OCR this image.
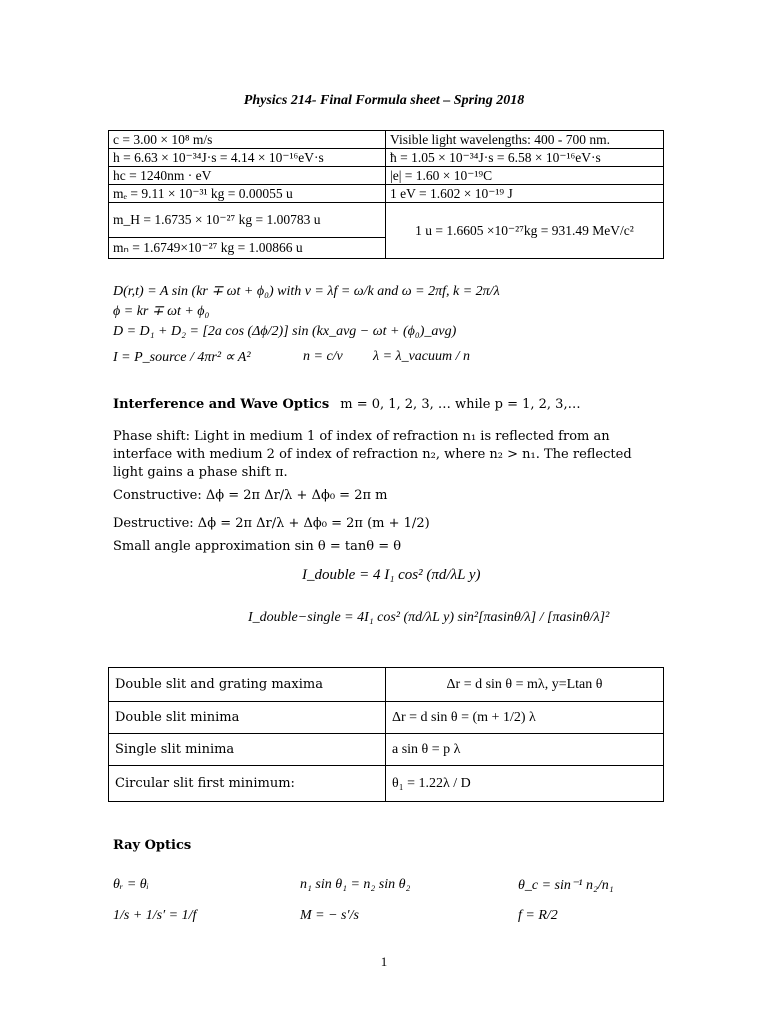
Physics 214- Final Formula sheet – Spring 2018
c = 3.00 × 10⁸ m/s	Visible light wavelengths: 400 - 700 nm.
h = 6.63 × 10⁻³⁴J·s = 4.14 × 10⁻¹⁶eV·s	ħ = 1.05 × 10⁻³⁴J·s = 6.58 × 10⁻¹⁶eV·s
hc = 1240nm · eV	|e| = 1.60 × 10⁻¹⁹C
mₑ = 9.11 × 10⁻³¹ kg = 0.00055 u	1 eV = 1.602 × 10⁻¹⁹ J
m_H = 1.6735 × 10⁻²⁷ kg = 1.00783 u	1 u = 1.6605 ×10⁻²⁷kg = 931.49 MeV/c²
mₙ = 1.6749×10⁻²⁷ kg = 1.00866 u	
D(r,t) = A sin (kr ∓ ωt + ϕ₀) with v = λf = ω/k and ω = 2πf, k = 2π/λ
ϕ = kr ∓ ωt + ϕ₀
D = D₁ + D₂ = [2a cos (Δϕ/2)] sin (kx_avg − ωt + (ϕ₀)_avg)
I = P_source / 4πr² ∝ A²	n = c/v λ = λ_vacuum / n
Interference and Wave Optics m = 0, 1, 2, 3, … while p = 1, 2, 3,…
Phase shift: Light in medium 1 of index of refraction n₁ is reflected from an interface with medium 2 of index of refraction n₂, where n₂ > n₁. The reflected light gains a phase shift π.
Constructive: Δϕ = 2π Δr/λ + Δϕ₀ = 2π m
Destructive: Δϕ = 2π Δr/λ + Δϕ₀ = 2π (m + 1/2)
Small angle approximation sin θ = tanθ = θ
I_double = 4 I₁ cos² (πd/λL y)
I_double−single = 4I₁ cos² (πd/λL y) sin²[πasinθ/λ] / [πasinθ/λ]²
Double slit and grating maxima	Δr = d sin θ = mλ, y=Ltan θ
Double slit minima	Δr = d sin θ = (m + 1/2) λ
Single slit minima	a sin θ = p λ
Circular slit first minimum:	θ₁ = 1.22λ / D
Ray Optics
θᵣ = θᵢ	n₁ sin θ₁ = n₂ sin θ₂	θ_c = sin⁻¹ n₂/n₁
1/s + 1/s′ = 1/f	M = − s′/s	f = R/2
1
